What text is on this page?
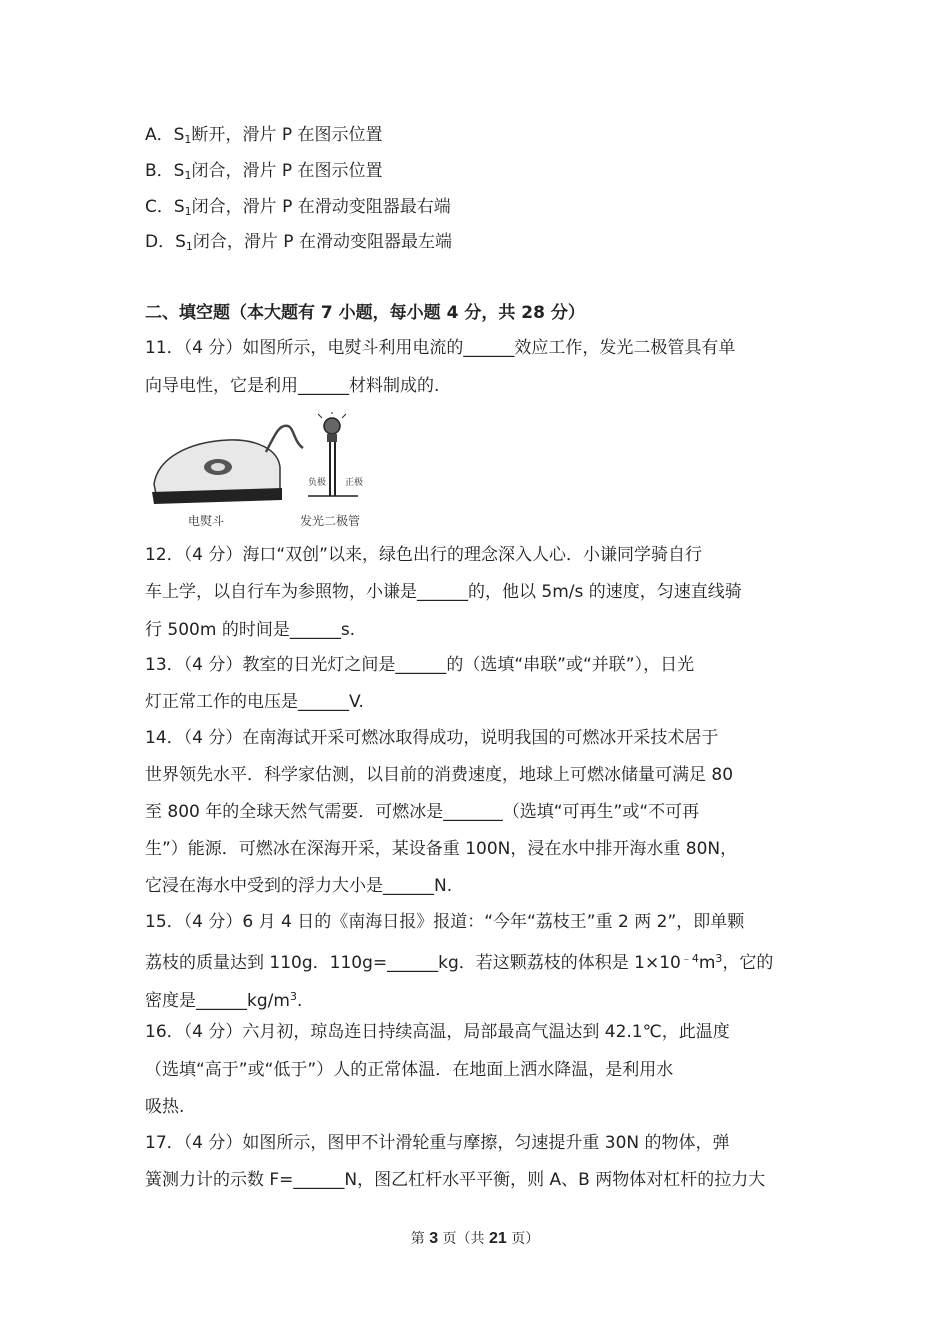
A．$S_1$断开，滑片 P 在图示位置
B．$S_1$闭合，滑片 P 在图示位置
C．$S_1$闭合，滑片 P 在滑动变阻器最右端
D．$S_1$闭合，滑片 P 在滑动变阻器最左端
二、填空题（本大题有 7 小题，每小题 4 分，共 28 分）
11．（4 分）如图所示，电熨斗利用电流的______效应工作，发光二极管具有单
向导电性，它是利用______材料制成的.
负极 正极
电熨斗	发光二极管
12．（4 分）海口“双创”以来，绿色出行的理念深入人心．小谦同学骑自行
车上学，以自行车为参照物，小谦是______的，他以 5m/s 的速度，匀速直线骑
行 500m 的时间是______s.
13．（4 分）教室的日光灯之间是______的（选填“串联”或“并联”），日光
灯正常工作的电压是______V.
14．（4 分）在南海试开采可燃冰取得成功，说明我国的可燃冰开采技术居于
世界领先水平．科学家估测，以目前的消费速度，地球上可燃冰储量可满足 80
至 800 年的全球天然气需要．可燃冰是_______（选填“可再生”或“不可再
生”）能源．可燃冰在深海开采，某设备重 100N，浸在水中排开海水重 80N，
它浸在海水中受到的浮力大小是______N.
15．（4 分）6 月 4 日的《南海日报》报道：“今年“荔枝王”重 2 两 2”，即单颗
荔枝的质量达到 110g．110g=______kg．若这颗荔枝的体积是 $1\times 10^{﹣4}m^3$，它的
密度是$\_\_\_\_\_\_kg/m^3$.
16．（4 分）六月初，琼岛连日持续高温，局部最高气温达到 42.1℃，此温度
（选填“高于”或“低于”）人的正常体温．在地面上洒水降温，是利用水
吸热.
17．（4 分）如图所示，图甲不计滑轮重与摩擦，匀速提升重 30N 的物体，弹
簧测力计的示数 F=______N，图乙杠杆水平平衡，则 A、B 两物体对杠杆的拉力大
第 3 页（共 21 页）
